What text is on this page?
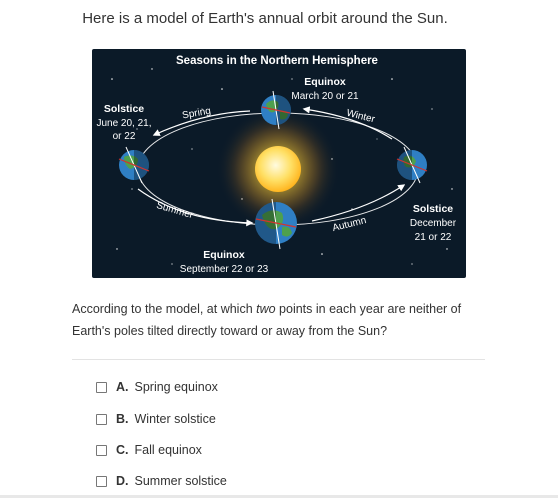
Here is a model of Earth's annual orbit around the Sun.
Seasons in the Northern Hemisphere
Equinox
March 20 or 21
Solstice
June 20, 21,
or 22
Solstice
December
21 or 22
Equinox
September 22 or 23
Spring	Winter
Summer
Autumn
According to the model, at which two points in each year are neither of Earth's poles tilted directly toward or away from the Sun?
A. Spring equinox
B. Winter solstice
C. Fall equinox
D. Summer solstice
